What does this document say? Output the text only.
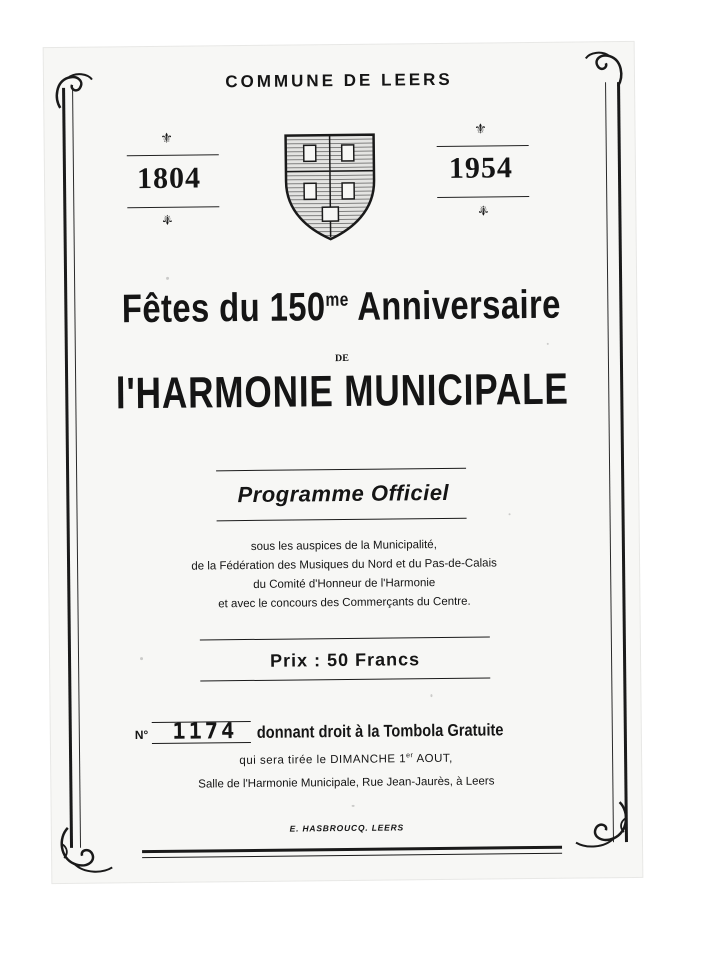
COMMUNE DE LEERS
⚜
1804
⚜
⚜
1954
⚜
Fêtes du $150^{me}$ Anniversaire
DE
l'HARMONIE MUNICIPALE
Programme Officiel
sous les auspices de la Municipalité,
de la Fédération des Musiques du Nord et du Pas-de-Calais
du Comité d'Honneur de l'Harmonie
et avec le concours des Commerçants du Centre.
Prix : 50 Francs
N° 1174 donnant droit à la Tombola Gratuite
qui sera tirée le DIMANCHE 1er AOUT,
Salle de l'Harmonie Municipale, Rue Jean-Jaurès, à Leers
E. HASBROUCQ. LEERS
